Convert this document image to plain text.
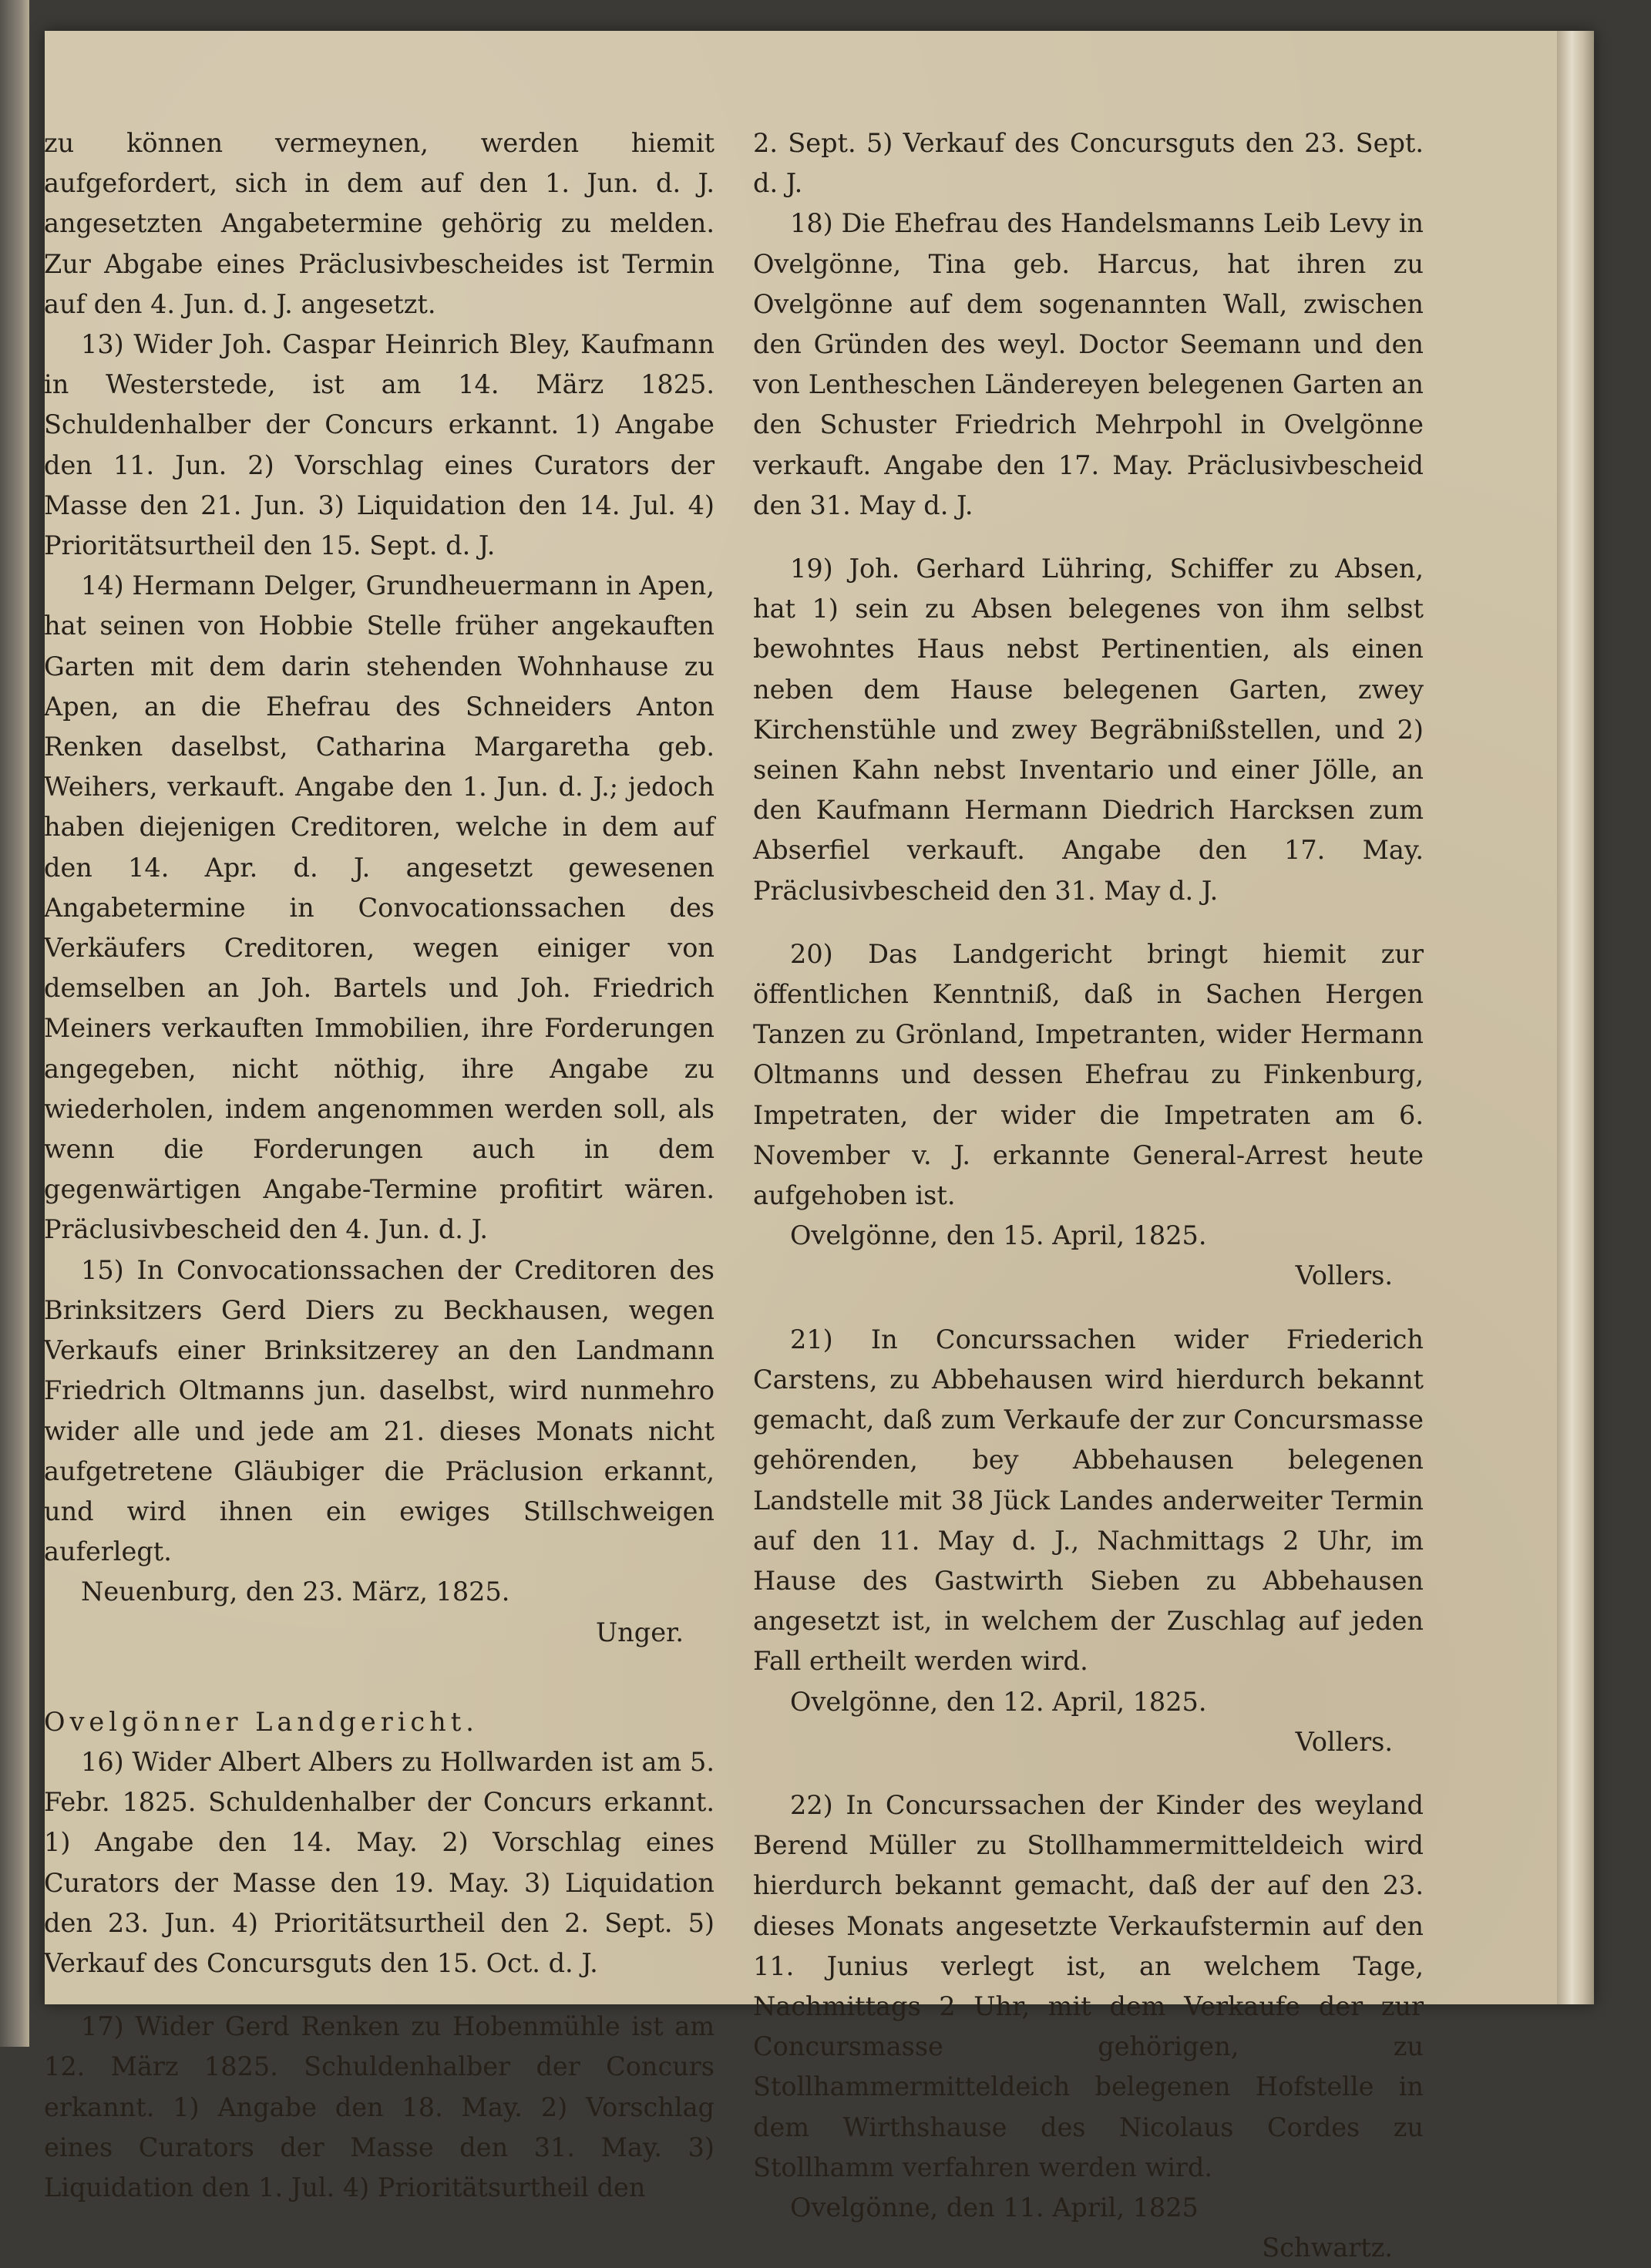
zu können vermeynen, werden hiemit aufgefordert, sich in dem auf den 1. Jun. d. J. angesetzten Angabetermine gehörig zu melden. Zur Abgabe eines Präclusivbescheides ist Termin auf den 4. Jun. d. J. angesetzt.

13) Wider Joh. Caspar Heinrich Bley, Kaufmann in Westerstede, ist am 14. März 1825. Schuldenhalber der Concurs erkannt. 1) Angabe den 11. Jun. 2) Vorschlag eines Curators der Masse den 21. Jun. 3) Liquidation den 14. Jul. 4) Prioritätsurtheil den 15. Sept. d. J.

14) Hermann Delger, Grundheuermann in Apen, hat seinen von Hobbie Stelle früher angekauften Garten mit dem darin stehenden Wohnhause zu Apen, an die Ehefrau des Schneiders Anton Renken daselbst, Catharina Margaretha geb. Weihers, verkauft. Angabe den 1. Jun. d. J.; jedoch haben diejenigen Creditoren, welche in dem auf den 14. Apr. d. J. angesetzt gewesenen Angabetermine in Convocationssachen des Verkäufers Creditoren, wegen einiger von demselben an Joh. Bartels und Joh. Friedrich Meiners verkauften Immobilien, ihre Forderungen angegeben, nicht nöthig, ihre Angabe zu wiederholen, indem angenommen werden soll, als wenn die Forderungen auch in dem gegenwärtigen Angabe-Termine profitirt wären. Präclusivbescheid den 4. Jun. d. J.

15) In Convocationssachen der Creditoren des Brinksitzers Gerd Diers zu Beckhausen, wegen Verkaufs einer Brinksitzerey an den Landmann Friedrich Oltmanns jun. daselbst, wird nunmehro wider alle und jede am 21. dieses Monats nicht aufgetretene Gläubiger die Präclusion erkannt, und wird ihnen ein ewiges Stillschweigen auferlegt.

Neuenburg, den 23. März, 1825.

Unger.

Ovelgönner Landgericht.

16) Wider Albert Albers zu Hollwarden ist am 5. Febr. 1825. Schuldenhalber der Concurs erkannt. 1) Angabe den 14. May. 2) Vorschlag eines Curators der Masse den 19. May. 3) Liquidation den 23. Jun. 4) Prioritätsurtheil den 2. Sept. 5) Verkauf des Concursguts den 15. Oct. d. J.

17) Wider Gerd Renken zu Hobenmühle ist am 12. März 1825. Schuldenhalber der Concurs erkannt. 1) Angabe den 18. May. 2) Vorschlag eines Curators der Masse den 31. May. 3) Liquidation den 1. Jul. 4) Prioritätsurtheil den

2. Sept. 5) Verkauf des Concursguts den 23. Sept. d. J.

18) Die Ehefrau des Handelsmanns Leib Levy in Ovelgönne, Tina geb. Harcus, hat ihren zu Ovelgönne auf dem sogenannten Wall, zwischen den Gründen des weyl. Doctor Seemann und den von Lentheschen Ländereyen belegenen Garten an den Schuster Friedrich Mehrpohl in Ovelgönne verkauft. Angabe den 17. May. Präclusivbescheid den 31. May d. J.

19) Joh. Gerhard Lühring, Schiffer zu Absen, hat 1) sein zu Absen belegenes von ihm selbst bewohntes Haus nebst Pertinentien, als einen neben dem Hause belegenen Garten, zwey Kirchenstühle und zwey Begräbnißstellen, und 2) seinen Kahn nebst Inventario und einer Jölle, an den Kaufmann Hermann Diedrich Harcksen zum Abserfiel verkauft. Angabe den 17. May. Präclusivbescheid den 31. May d. J.

20) Das Landgericht bringt hiemit zur öffentlichen Kenntniß, daß in Sachen Hergen Tanzen zu Grönland, Impetranten, wider Hermann Oltmanns und dessen Ehefrau zu Finkenburg, Impetraten, der wider die Impetraten am 6. November v. J. erkannte General-Arrest heute aufgehoben ist.

Ovelgönne, den 15. April, 1825.

Vollers.

21) In Concurssachen wider Friederich Carstens, zu Abbehausen wird hierdurch bekannt gemacht, daß zum Verkaufe der zur Concursmasse gehörenden, bey Abbehausen belegenen Landstelle mit 38 Jück Landes anderweiter Termin auf den 11. May d. J., Nachmittags 2 Uhr, im Hause des Gastwirth Sieben zu Abbehausen angesetzt ist, in welchem der Zuschlag auf jeden Fall ertheilt werden wird.

Ovelgönne, den 12. April, 1825.

Vollers.

22) In Concurssachen der Kinder des weyland Berend Müller zu Stollhammermitteldeich wird hierdurch bekannt gemacht, daß der auf den 23. dieses Monats angesetzte Verkaufstermin auf den 11. Junius verlegt ist, an welchem Tage, Nachmittags 2 Uhr, mit dem Verkaufe der zur Concursmasse gehörigen, zu Stollhammermitteldeich belegenen Hofstelle in dem Wirthshause des Nicolaus Cordes zu Stollhamm verfahren werden wird.

Ovelgönne, den 11. April, 1825

Schwartz.
